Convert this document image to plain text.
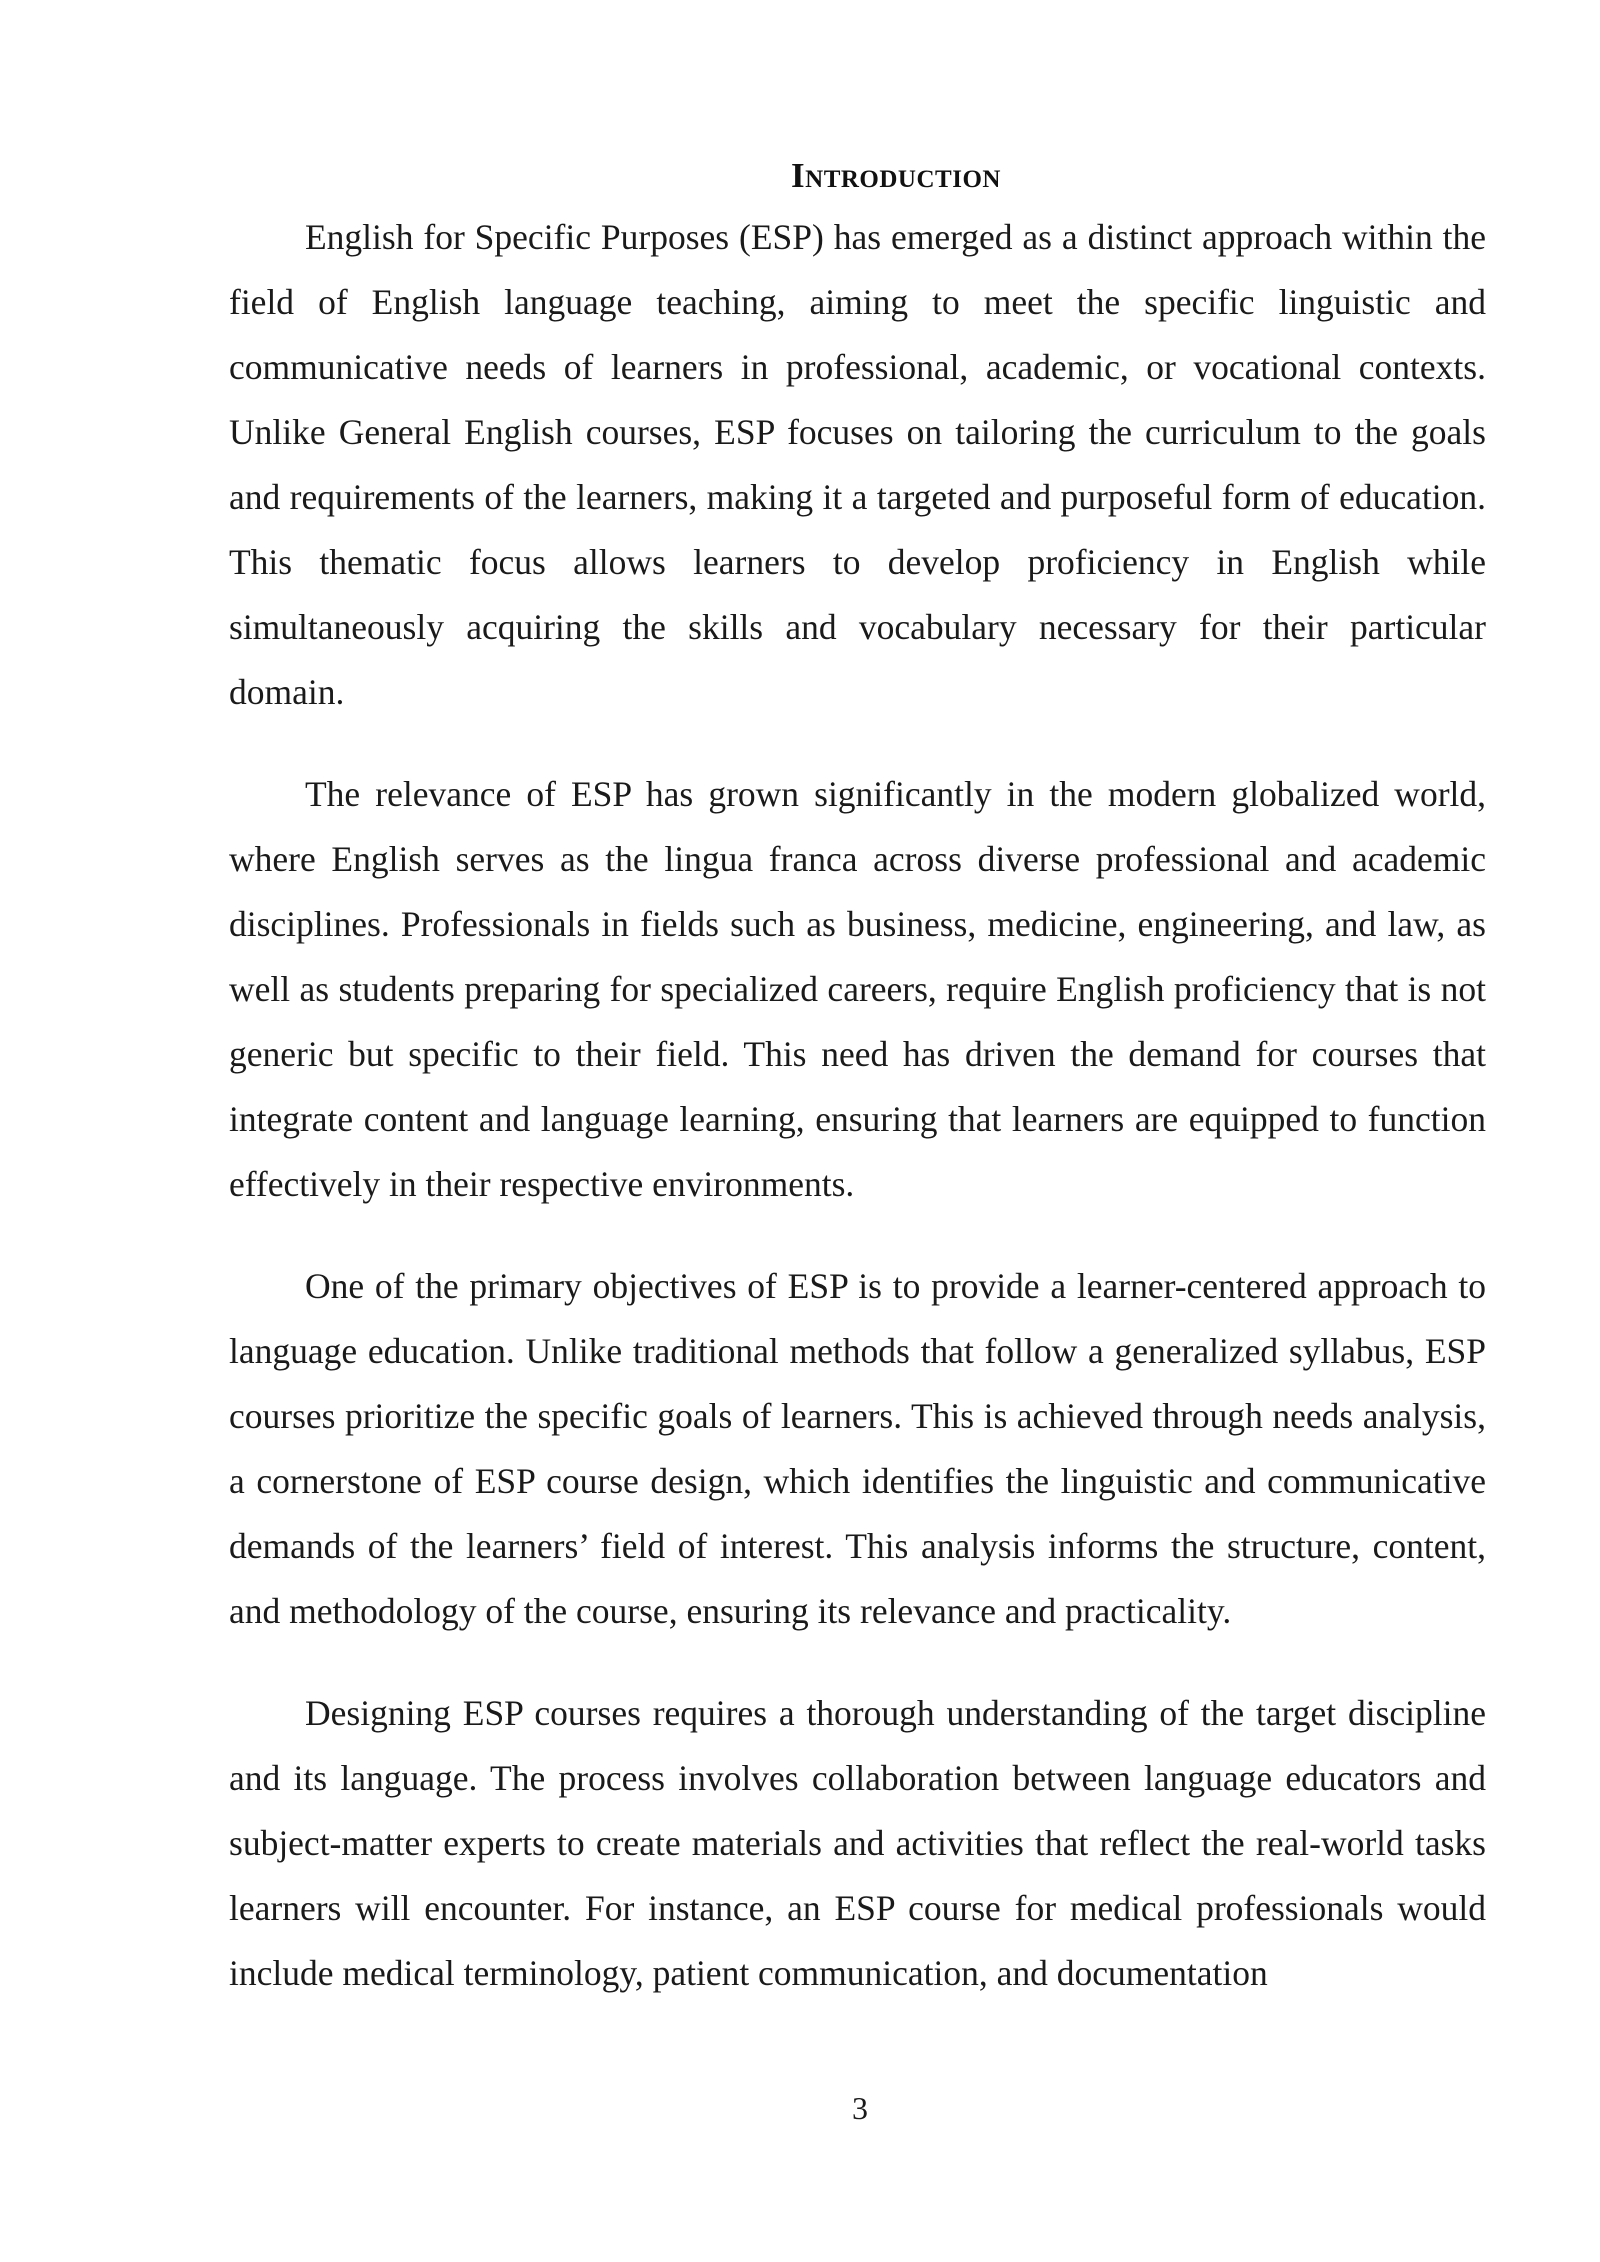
Introduction

English for Specific Purposes (ESP) has emerged as a distinct approach within the field of English language teaching, aiming to meet the specific linguistic and communicative needs of learners in professional, academic, or vocational contexts. Unlike General English courses, ESP focuses on tailoring the curriculum to the goals and requirements of the learners, making it a targeted and purposeful form of education. This thematic focus allows learners to develop proficiency in English while simultaneously acquiring the skills and vocabulary necessary for their particular domain.

The relevance of ESP has grown significantly in the modern globalized world, where English serves as the lingua franca across diverse professional and academic disciplines. Professionals in fields such as business, medicine, engineering, and law, as well as students preparing for specialized careers, require English proficiency that is not generic but specific to their field. This need has driven the demand for courses that integrate content and language learning, ensuring that learners are equipped to function effectively in their respective environments.

One of the primary objectives of ESP is to provide a learner-centered approach to language education. Unlike traditional methods that follow a generalized syllabus, ESP courses prioritize the specific goals of learners. This is achieved through needs analysis, a cornerstone of ESP course design, which identifies the linguistic and communicative demands of the learners’ field of interest. This analysis informs the structure, content, and methodology of the course, ensuring its relevance and practicality.

Designing ESP courses requires a thorough understanding of the target discipline and its language. The process involves collaboration between language educators and subject-matter experts to create materials and activities that reflect the real-world tasks learners will encounter. For instance, an ESP course for medical professionals would include medical terminology, patient communication, and documentation

3
